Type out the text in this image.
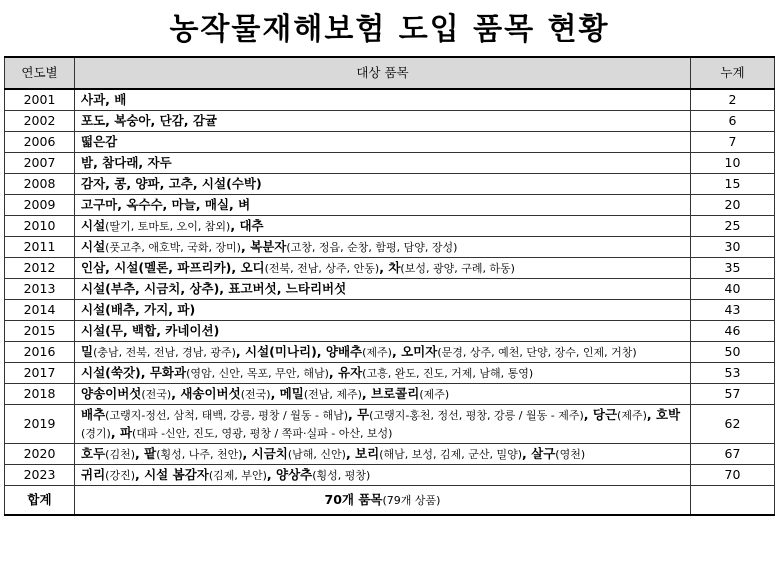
농작물재해보험 도입 품목 현황
연도별	대상 품목	누계
2001	사과, 배	2
2002	포도, 복숭아, 단감, 감귤	6
2006	떫은감	7
2007	밤, 참다래, 자두	10
2008	감자, 콩, 양파, 고추, 시설(수박)	15
2009	고구마, 옥수수, 마늘, 매실, 벼	20
2010	시설(딸기, 토마토, 오이, 참외), 대추	25
2011	시설(풋고추, 애호박, 국화, 장미), 복분자(고창, 정읍, 순창, 함평, 담양, 장성)	30
2012	인삼, 시설(멜론, 파프리카), 오디(전북, 전남, 상주, 안동), 차(보성, 광양, 구례, 하동)	35
2013	시설(부추, 시금치, 상추), 표고버섯, 느타리버섯	40
2014	시설(배추, 가지, 파)	43
2015	시설(무, 백합, 카네이션)	46
2016	밀(충남, 전북, 전남, 경남, 광주), 시설(미나리), 양배추(제주), 오미자(문경, 상주, 예천, 단양, 장수, 인제, 거창)	50
2017	시설(쑥갓), 무화과(영암, 신안, 목포, 무안, 해남), 유자(고흥, 완도, 진도, 거제, 남해, 통영)	53
2018	양송이버섯(전국), 새송이버섯(전국), 메밀(전남, 제주), 브로콜리(제주)	57
2019	배추(고랭지-정선, 삼척, 태백, 강릉, 평창 / 월동 - 해남), 무(고랭지-홍천, 정선, 평창, 강릉 / 월동 - 제주), 당근(제주), 호박(경기), 파(대파 -신안, 진도, 영광, 평창 / 쪽파·실파 - 아산, 보성)	62
2020	호두(김천), 팥(횡성, 나주, 천안), 시금치(남해, 신안), 보리(해남, 보성, 김제, 군산, 밀양), 살구(영천)	67
2023	귀리(강진), 시설 봄감자(김제, 부안), 양상추(횡성, 평창)	70
합계	70개 품목(79개 상품)	
